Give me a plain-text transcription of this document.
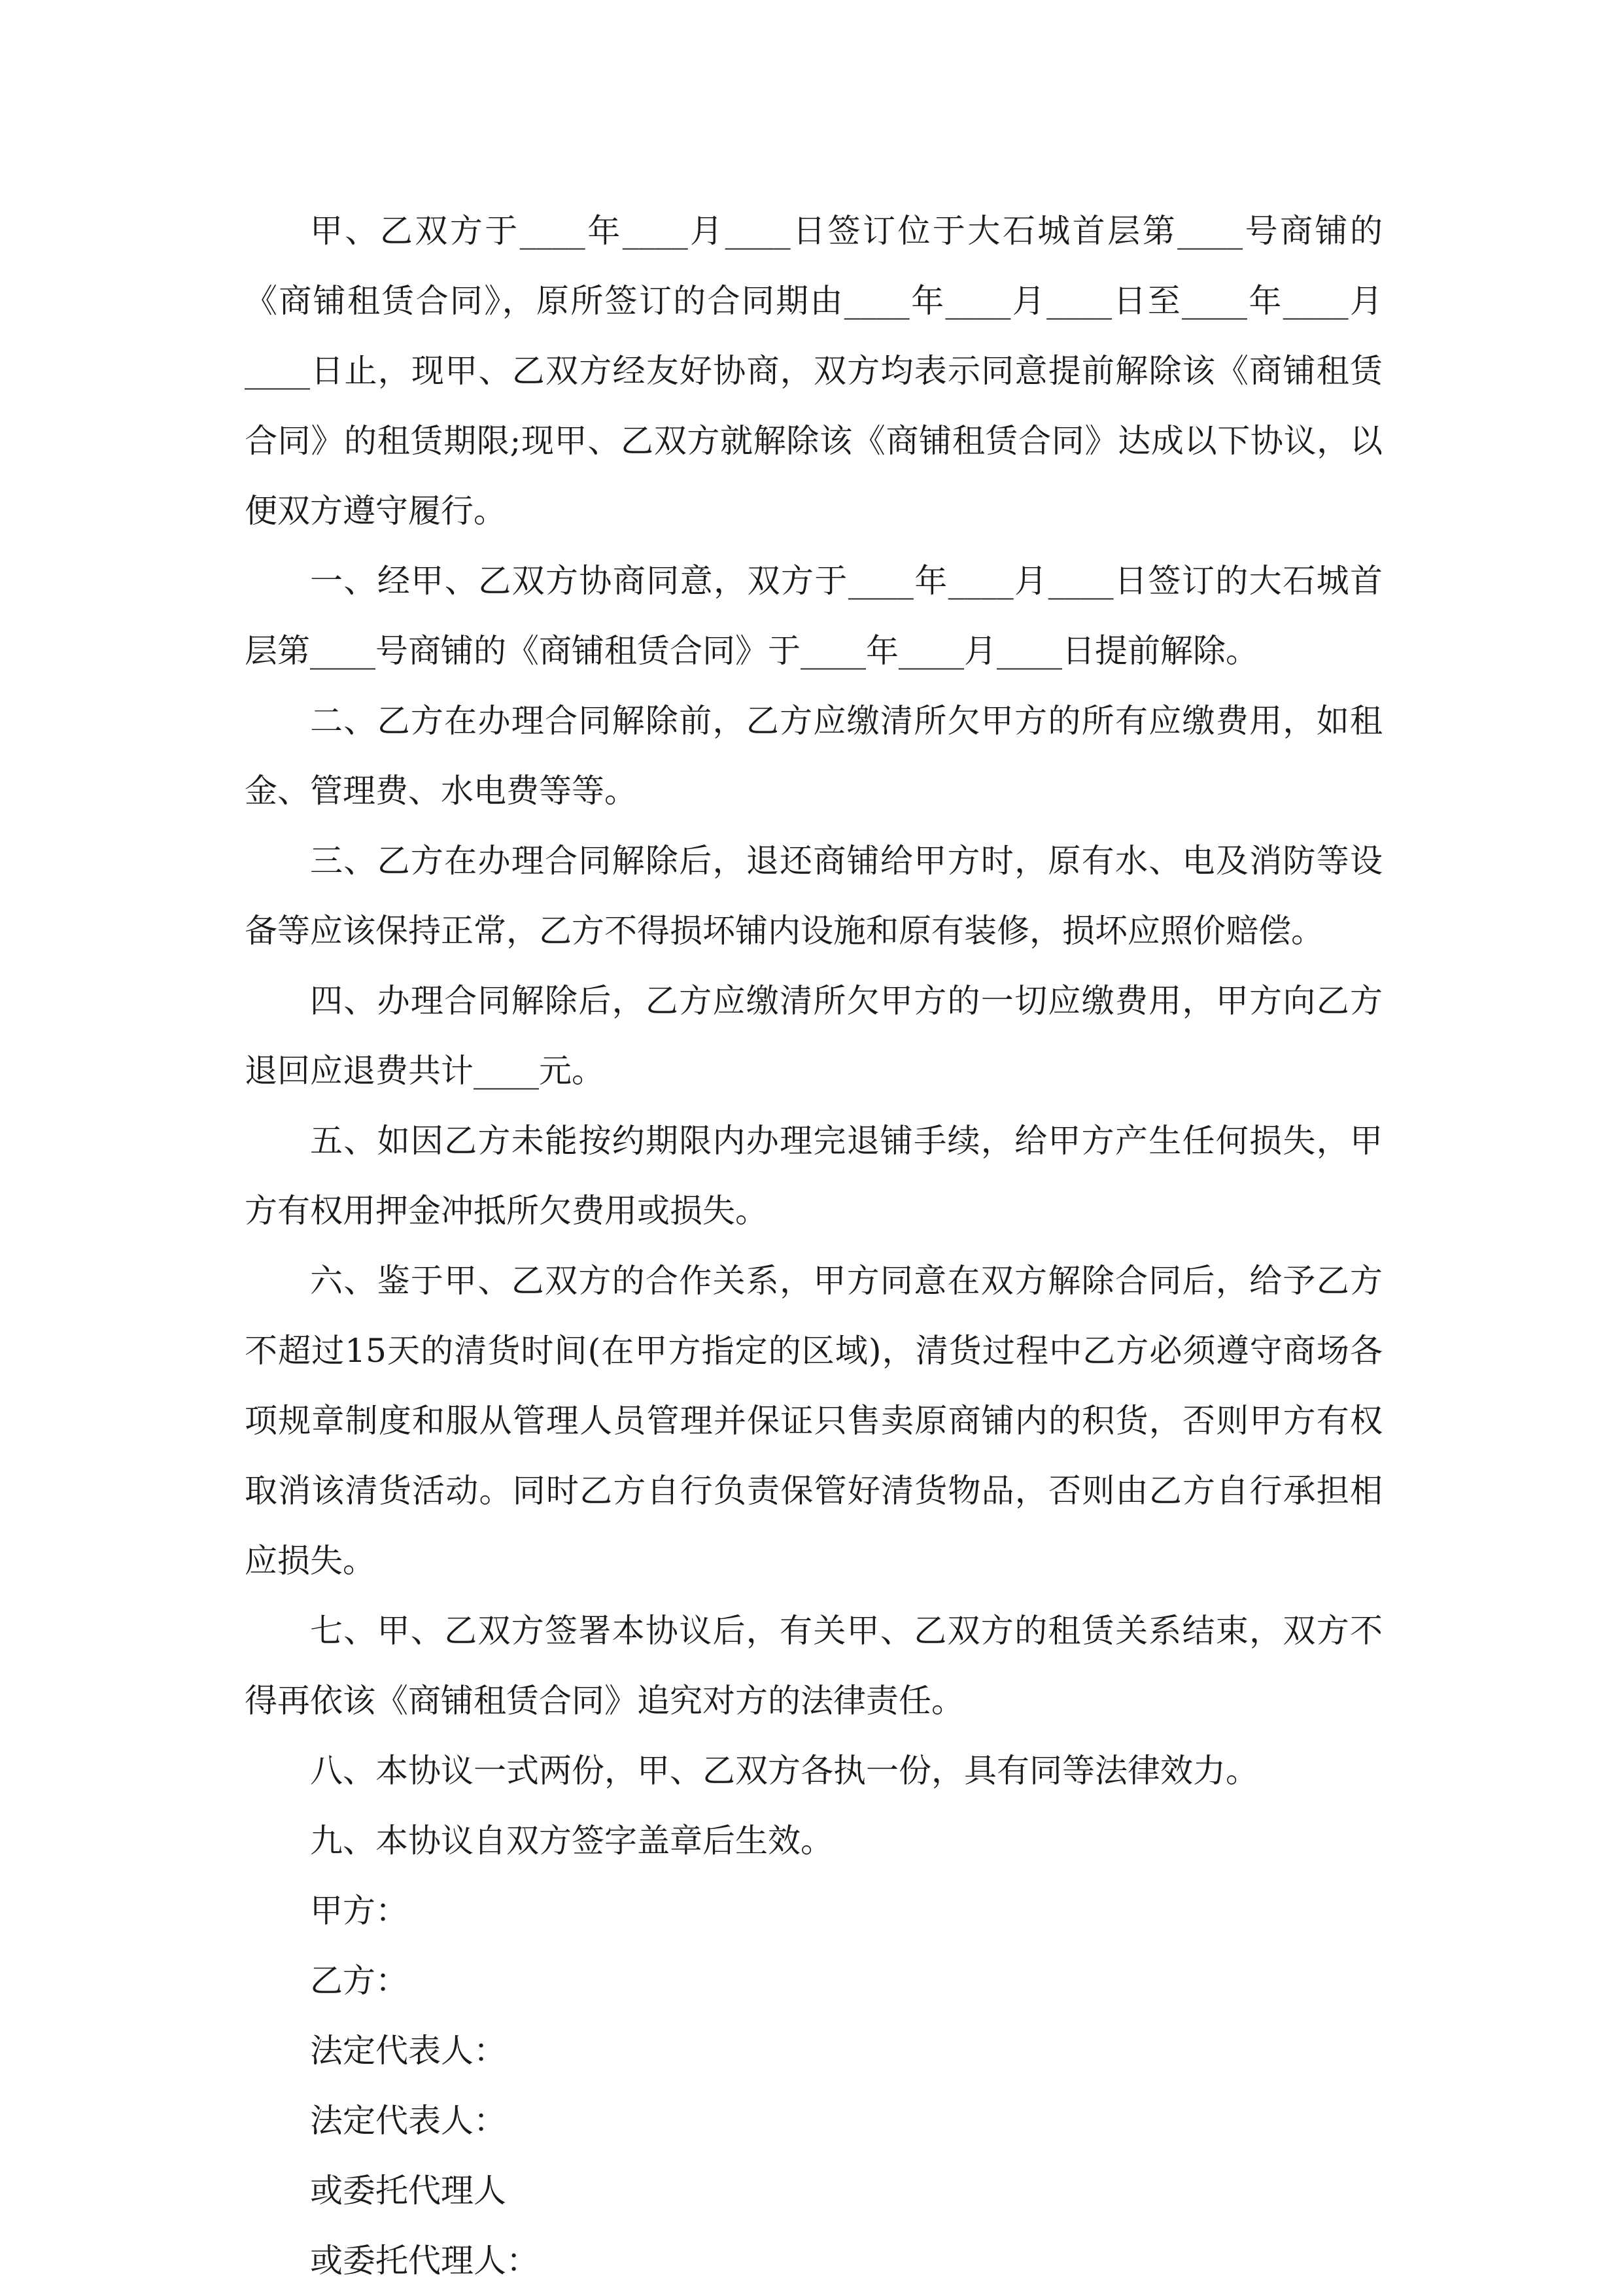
甲、乙双方于____年____月____日签订位于大石城首层第____号商铺的《商铺租赁合同》，原所签订的合同期由____年____月____日至____年____月____日止，现甲、乙双方经友好协商，双方均表示同意提前解除该《商铺租赁合同》的租赁期限;现甲、乙双方就解除该《商铺租赁合同》达成以下协议，以便双方遵守履行。

一、经甲、乙双方协商同意，双方于____年____月____日签订的大石城首层第____号商铺的《商铺租赁合同》于____年____月____日提前解除。

二、乙方在办理合同解除前，乙方应缴清所欠甲方的所有应缴费用，如租金、管理费、水电费等等。

三、乙方在办理合同解除后，退还商铺给甲方时，原有水、电及消防等设备等应该保持正常，乙方不得损坏铺内设施和原有装修，损坏应照价赔偿。

四、办理合同解除后，乙方应缴清所欠甲方的一切应缴费用，甲方向乙方退回应退费共计____元。

五、如因乙方未能按约期限内办理完退铺手续，给甲方产生任何损失，甲方有权用押金冲抵所欠费用或损失。

六、鉴于甲、乙双方的合作关系，甲方同意在双方解除合同后，给予乙方不超过15天的清货时间(在甲方指定的区域)，清货过程中乙方必须遵守商场各项规章制度和服从管理人员管理并保证只售卖原商铺内的积货，否则甲方有权取消该清货活动。同时乙方自行负责保管好清货物品，否则由乙方自行承担相应损失。

七、甲、乙双方签署本协议后，有关甲、乙双方的租赁关系结束，双方不得再依该《商铺租赁合同》追究对方的法律责任。

八、本协议一式两份，甲、乙双方各执一份，具有同等法律效力。

九、本协议自双方签字盖章后生效。

甲方：

乙方：

法定代表人：

法定代表人：

或委托代理人

或委托代理人：
